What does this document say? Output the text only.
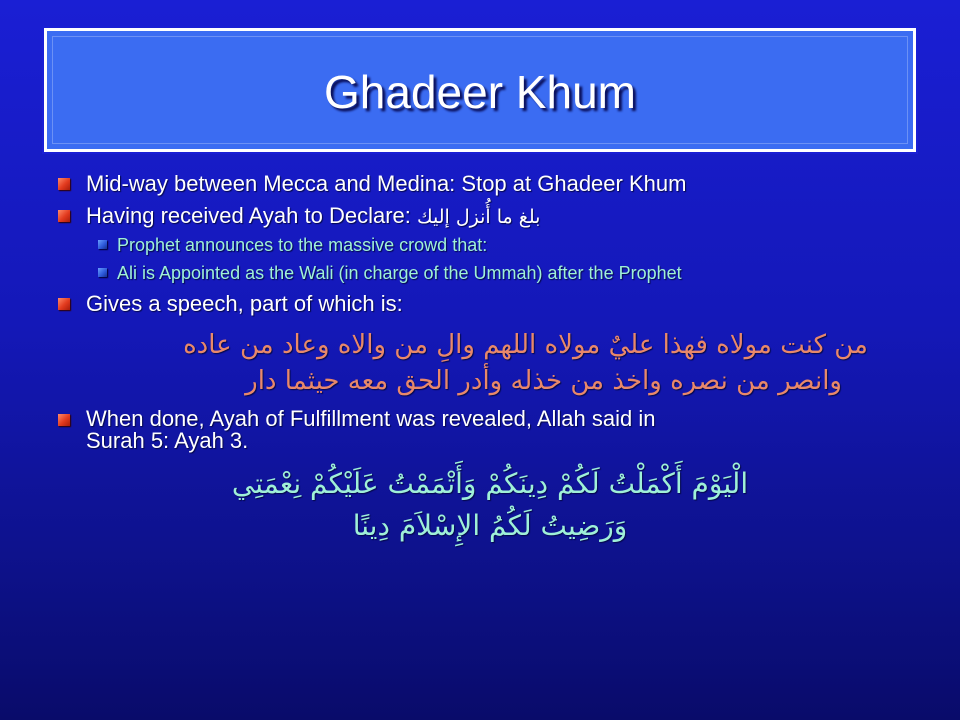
Ghadeer Khum
Mid-way between Mecca and Medina: Stop at Ghadeer Khum
Having received Ayah to Declare: بلغ ما أُنزل إليك
Prophet announces to the massive crowd that:
Ali is Appointed as the Wali (in charge of the Ummah) after the Prophet
Gives a speech, part of which is:
من كنت مولاه فهذا عليٌ مولاه اللهم والِ من والاه وعاد من عاده
وانصر من نصره واخذ من خذله وأدر الحق معه حيثما دار
When done, Ayah of Fulfillment was revealed, Allah said in
Surah 5: Ayah 3.
الْيَوْمَ أَكْمَلْتُ لَكُمْ دِينَكُمْ وَأَتْمَمْتُ عَلَيْكُمْ نِعْمَتِي
وَرَضِيتُ لَكُمُ الإِسْلاَمَ دِينًا
